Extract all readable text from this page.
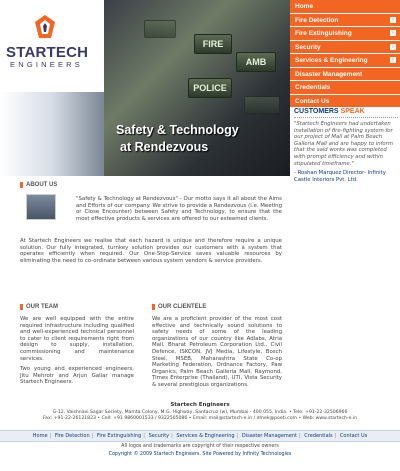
STARTECH
ENGINEERS
FIRE
POLICE
AMB
Safety & Technology
at Rendezvous
Home
Fire Detection	›
Fire Extinguishing	›
Security	›
Services & Engineering	›
Disaster Management
Credentials
Contact Us
CUSTOMERS SPEAK
"Startech Engineers had undertaken installation of fire-fighting system for our project of Mall at Palm Beach Galleria Mall and are happy to inform that the said works was completed with prompt efficiency and within stipulated timeframe."
- Roshan Marquez Director- Infinity Castle Interiors Pvt. Ltd.
ABOUT US
"Safety & Technology at Rendezvous" - Our motto says it all about the Aims and Efforts of our company. We strive to provide a Rendezvous (i.e. Meeting or Close Encounter) between Safety and Technology, to ensure that the most effective products & services are offered to our esteemed clients.
At Startech Engineers we realise that each hazard is unique and therefore require a unique solution. Our fully integrated, turnkey solution provides our customers with a system that operates efficiently when required. Our One-Stop-Service saves valuable resources by eliminating the need to co-ordinate between various system vendors & service providers.
OUR TEAM
We are well equipped with the entire required infrastructure including qualified and well-experienced technical personnel to cater to client requirements right from design to supply, installation, commissioning and maintenance services.
Two young and experienced engineers, Jitu Mehrotr and Arjun Gallar manage Startech Engineers.
OUR CLIENTELE
We are a proficient provider of the most cost effective and technically sound solutions to safety needs of some of the leading organizations of our country like Adlabs, Atria Mall, Bharat Petroleum Corporation Ltd., Civil Defence, ISKCON, JVJ Media, Lifestyle, Bosch Steel, MSEB, Maharashtra State Co-op Marketing Federation, Ordnance Factory, Paw Organics, Palm Beach Galleria Mall, Raymond, Times Enterprise (Thailand), UTI, Vista Security & several prestigious organizations.
Startech Engineers
G-12, Vaishnavi Sagar Society, Mamta Colony, M.G. Highway, Santacruz (w), Mumbai - 400 055, India. • Tele: +91-22-32506966
Fax: +91-22-26121823 • Cell: +91 9860001533 / 9322505086 • Email: mail@startech-e.in / dmek@poeti.com • Web: www.startech-e.in
Home | Fire Detection | Fire Extinguishing | Security | Services & Engineering | Disaster Management | Credentials | Contact Us
All logos and trademarks are copyright of their respective owners
Copyright © 2009 Startech Engineers. Site Powered by Infinity Technologies
